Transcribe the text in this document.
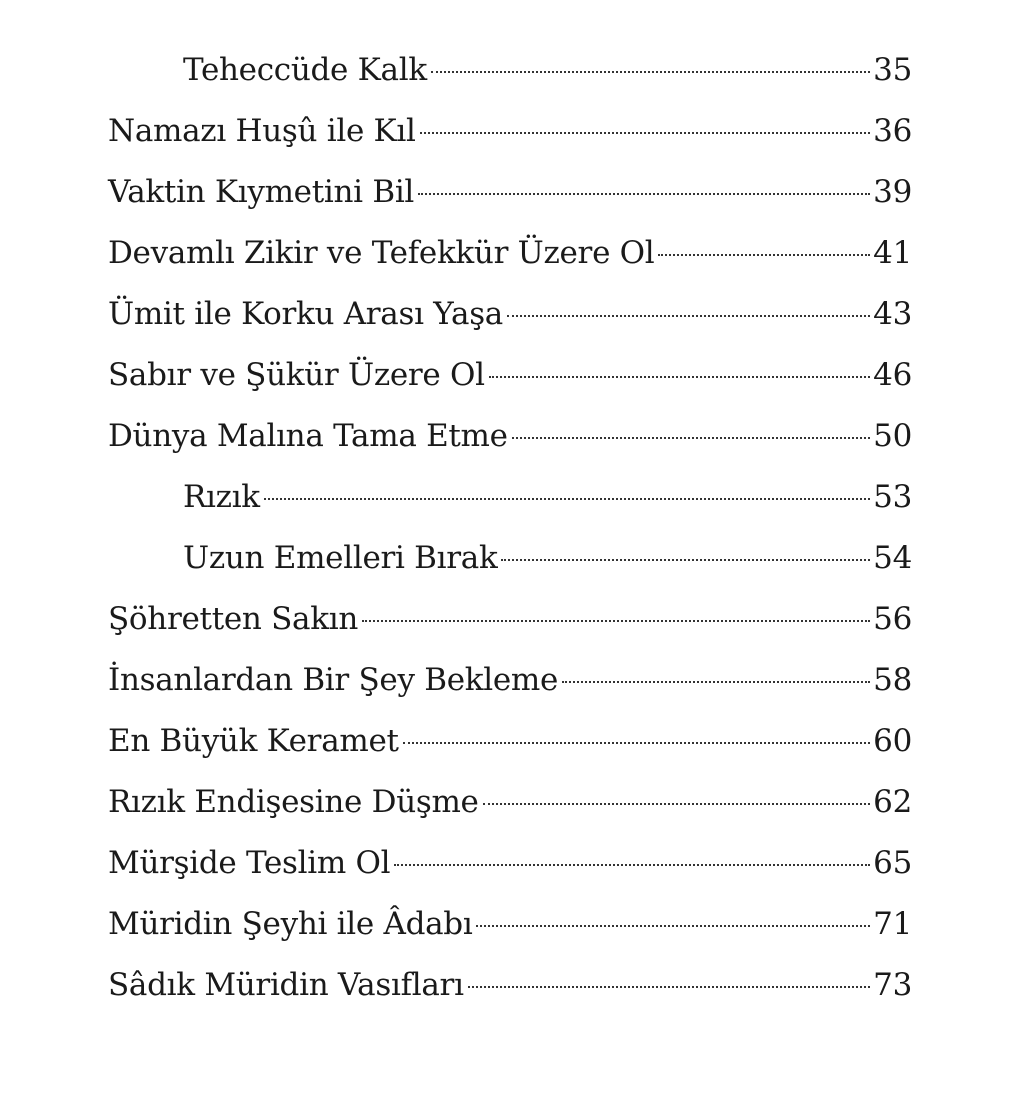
Teheccüde Kalk	35
Namazı Huşû ile Kıl	36
Vaktin Kıymetini Bil	39
Devamlı Zikir ve Tefekkür Üzere Ol	41
Ümit ile Korku Arası Yaşa	43
Sabır ve Şükür Üzere Ol	46
Dünya Malına Tama Etme	50
Rızık	53
Uzun Emelleri Bırak	54
Şöhretten Sakın	56
İnsanlardan Bir Şey Bekleme	58
En Büyük Keramet	60
Rızık Endişesine Düşme	62
Mürşide Teslim Ol	65
Müridin Şeyhi ile Âdabı	71
Sâdık Müridin Vasıfları	73
